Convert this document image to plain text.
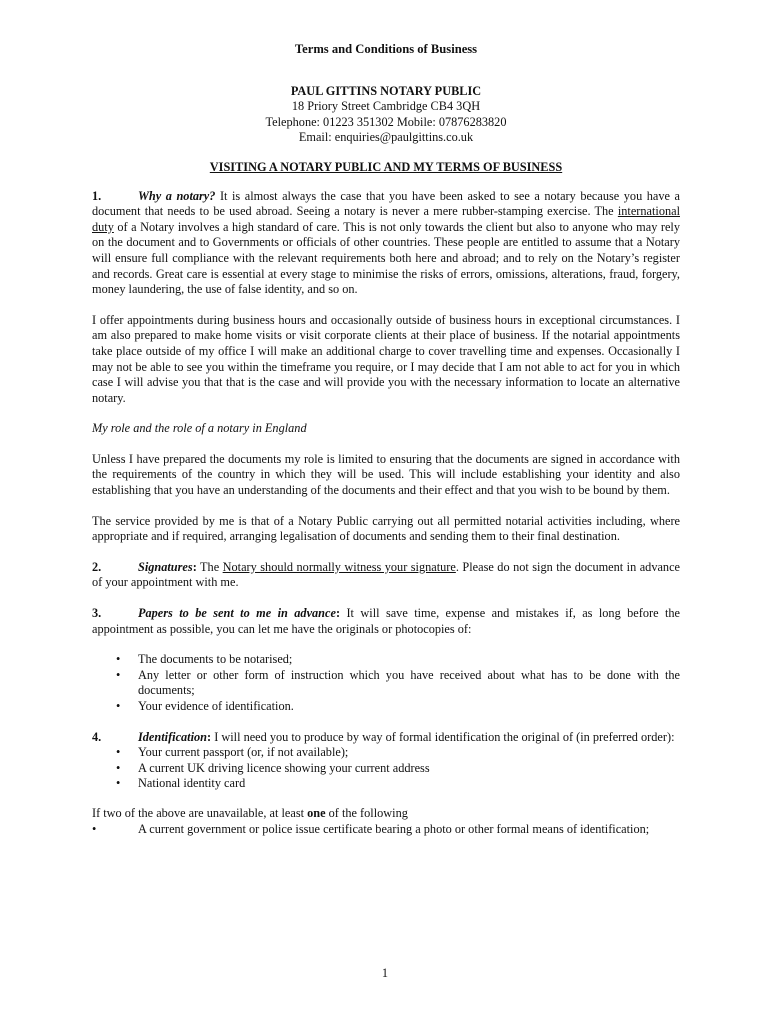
Terms and Conditions of Business
PAUL GITTINS NOTARY PUBLIC
18 Priory Street Cambridge CB4 3QH
Telephone: 01223 351302 Mobile: 07876283820
Email: enquiries@paulgittins.co.uk
VISITING A NOTARY PUBLIC AND MY TERMS OF BUSINESS

1.	Why a notary? It is almost always the case that you have been asked to see a notary because you have a document that needs to be used abroad. Seeing a notary is never a mere rubber-stamping exercise. The international duty of a Notary involves a high standard of care. This is not only towards the client but also to anyone who may rely on the document and to Governments or officials of other countries. These people are entitled to assume that a Notary will ensure full compliance with the relevant requirements both here and abroad; and to rely on the Notary’s register and records. Great care is essential at every stage to minimise the risks of errors, omissions, alterations, fraud, forgery, money laundering, the use of false identity, and so on.

I offer appointments during business hours and occasionally outside of business hours in exceptional circumstances. I am also prepared to make home visits or visit corporate clients at their place of business. If the notarial appointments take place outside of my office I will make an additional charge to cover travelling time and expenses. Occasionally I may not be able to see you within the timeframe you require, or I may decide that I am not able to act for you in which case I will advise you that that is the case and will provide you with the necessary information to locate an alternative notary.

My role and the role of a notary in England

Unless I have prepared the documents my role is limited to ensuring that the documents are signed in accordance with the requirements of the country in which they will be used. This will include establishing your identity and also establishing that you have an understanding of the documents and their effect and that you wish to be bound by them.

The service provided by me is that of a Notary Public carrying out all permitted notarial activities including, where appropriate and if required, arranging legalisation of documents and sending them to their final destination.

2.	Signatures: The Notary should normally witness your signature. Please do not sign the document in advance of your appointment with me.

3.	Papers to be sent to me in advance: It will save time, expense and mistakes if, as long before the appointment as possible, you can let me have the originals or photocopies of:

• The documents to be notarised;
• Any letter or other form of instruction which you have received about what has to be done with the documents;
• Your evidence of identification.

4.	Identification: I will need you to produce by way of formal identification the original of (in preferred order):

• Your current passport (or, if not available);
• A current UK driving licence showing your current address
• National identity card

If two of the above are unavailable, at least one of the following

• A current government or police issue certificate bearing a photo or other formal means of identification;
1
